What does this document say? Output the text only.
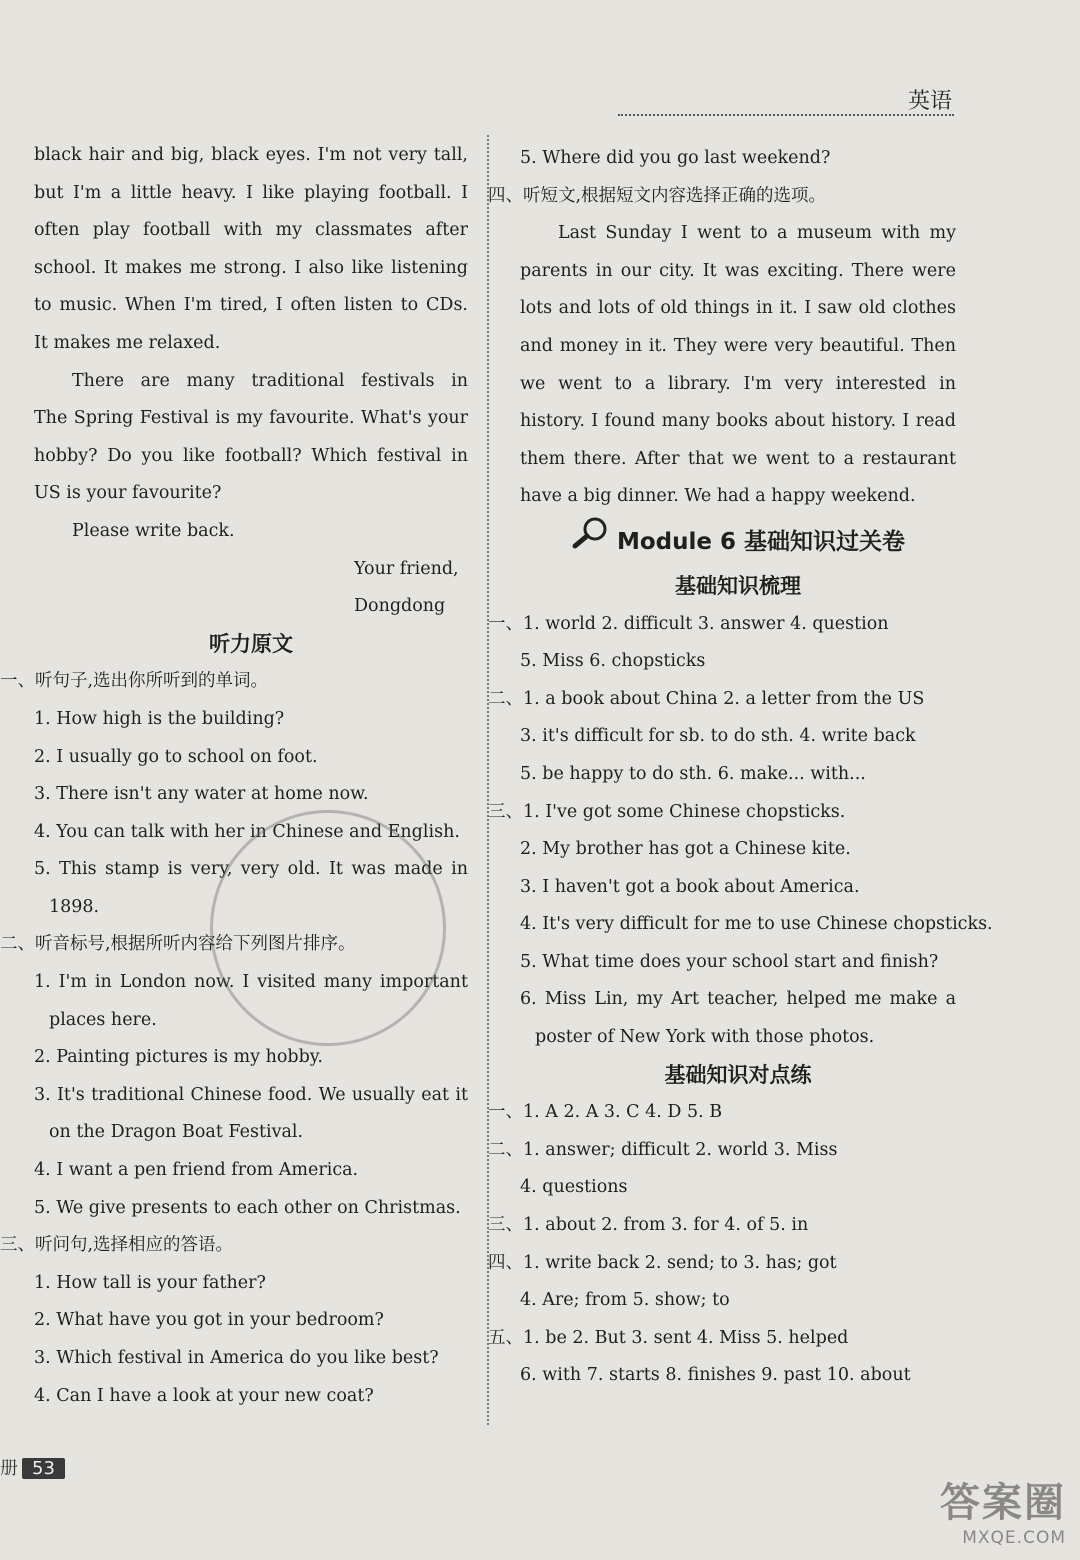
英语
black hair and big, black eyes. I'm not very tall,
but I'm a little heavy. I like playing football. I
often play football with my classmates after
school. It makes me strong. I also like listening
to music. When I'm tired, I often listen to CDs.
It makes me relaxed.
There are many traditional festivals in
The Spring Festival is my favourite. What's your
hobby? Do you like football? Which festival in
US is your favourite?
Please write back.
Your friend,
Dongdong
听力原文
一、听句子,选出你所听到的单词。
1. How high is the building?
2. I usually go to school on foot.
3. There isn't any water at home now.
4. You can talk with her in Chinese and English.
5. This stamp is very, very old. It was made in
1898.
二、听音标号,根据所听内容给下列图片排序。
1. I'm in London now. I visited many important
places here.
2. Painting pictures is my hobby.
3. It's traditional Chinese food. We usually eat it
on the Dragon Boat Festival.
4. I want a pen friend from America.
5. We give presents to each other on Christmas.
三、听问句,选择相应的答语。
1. How tall is your father?
2. What have you got in your bedroom?
3. Which festival in America do you like best?
4. Can I have a look at your new coat?
5. Where did you go last weekend?
四、听短文,根据短文内容选择正确的选项。
Last Sunday I went to a museum with my
parents in our city. It was exciting. There were
lots and lots of old things in it. I saw old clothes
and money in it. They were very beautiful. Then
we went to a library. I'm very interested in
history. I found many books about history. I read
them there. After that we went to a restaurant
have a big dinner. We had a happy weekend.
Module 6 基础知识过关卷
基础知识梳理
一、1. world 2. difficult 3. answer 4. question
5. Miss 6. chopsticks
二、1. a book about China 2. a letter from the US
3. it's difficult for sb. to do sth. 4. write back
5. be happy to do sth. 6. make... with...
三、1. I've got some Chinese chopsticks.
2. My brother has got a Chinese kite.
3. I haven't got a book about America.
4. It's very difficult for me to use Chinese chopsticks.
5. What time does your school start and finish?
6. Miss Lin, my Art teacher, helped me make a
poster of New York with those photos.
基础知识对点练
一、1. A 2. A 3. C 4. D 5. B
二、1. answer; difficult 2. world 3. Miss
4. questions
三、1. about 2. from 3. for 4. of 5. in
四、1. write back 2. send; to 3. has; got
4. Are; from 5. show; to
五、1. be 2. But 3. sent 4. Miss 5. helped
6. with 7. starts 8. finishes 9. past 10. about
册 53
答案圈
MXQE.COM
